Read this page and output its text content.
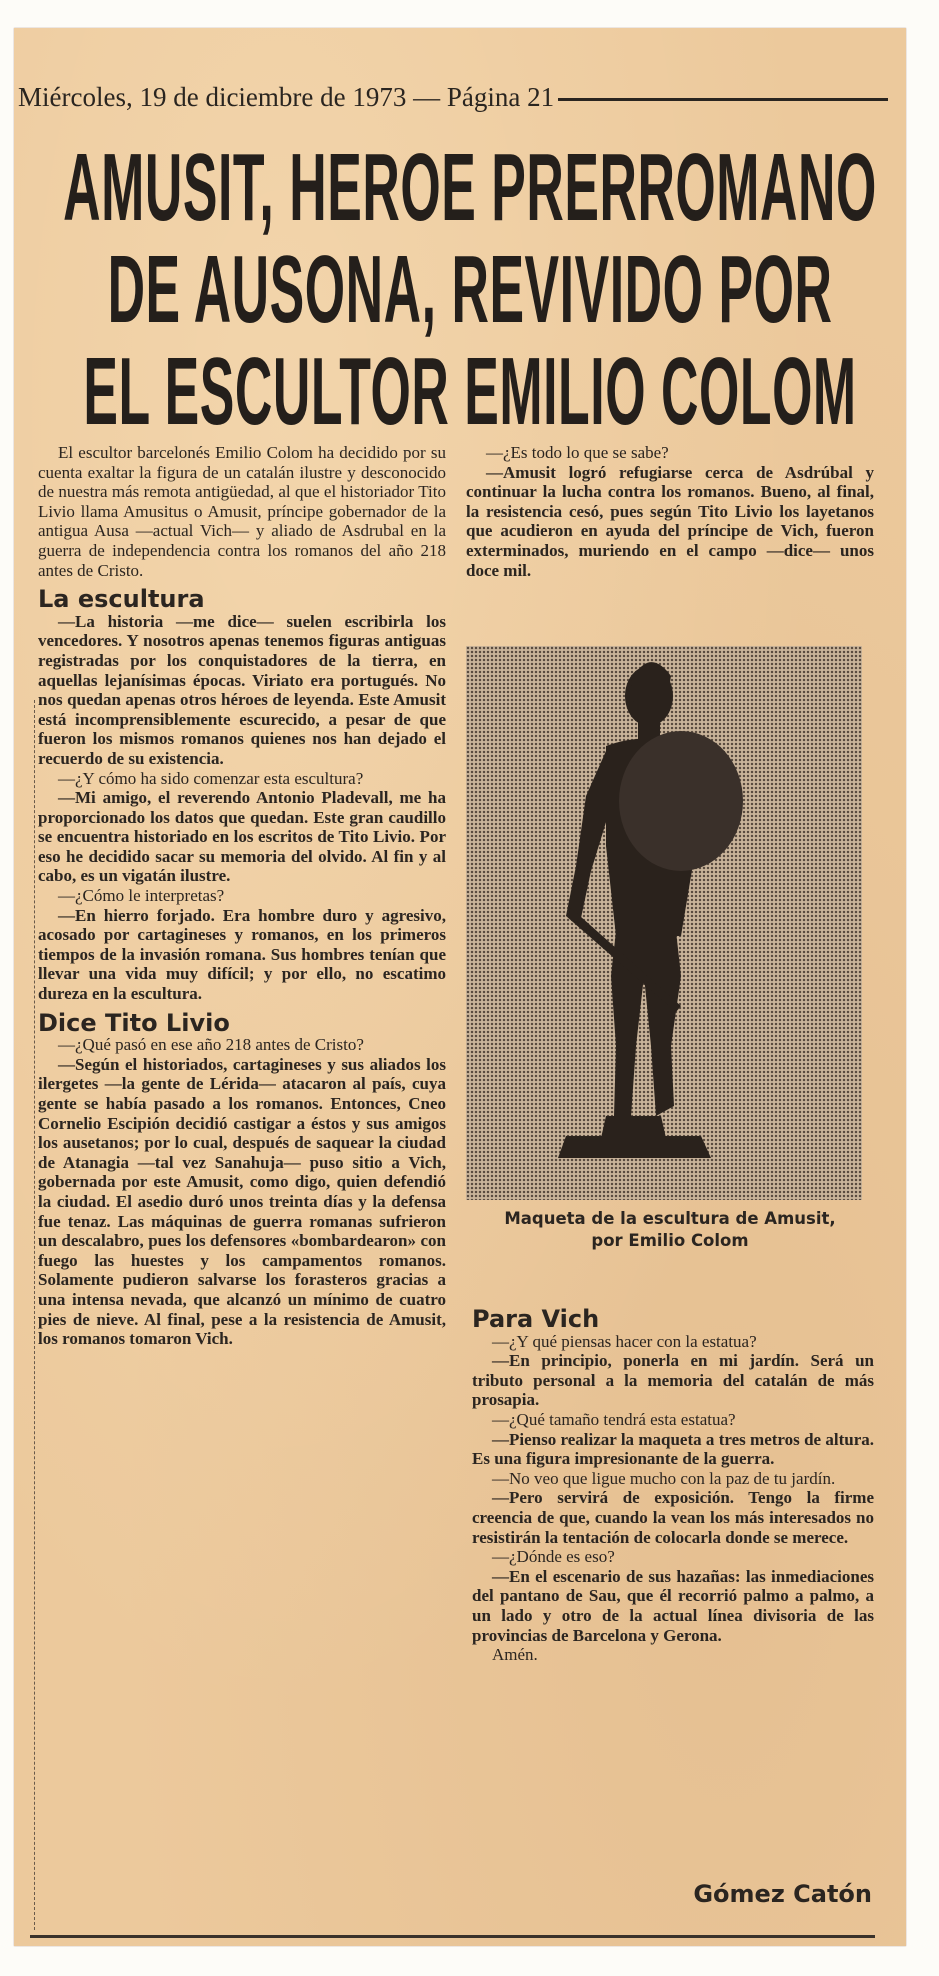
Miércoles, 19 de diciembre de 1973 — Página 21
AMUSIT, HEROE PRERROMANO
DE AUSONA, REVIVIDO POR
EL ESCULTOR EMILIO COLOM

El escultor barcelonés Emilio Colom ha decidido por su cuenta exaltar la figura de un catalán ilustre y desconocido de nuestra más remota antigüedad, al que el historiador Tito Livio llama Amusitus o Amusit, príncipe gobernador de la antigua Ausa —actual Vich— y aliado de Asdrubal en la guerra de independencia contra los romanos del año 218 antes de Cristo.

La escultura

—La historia —me dice— suelen escribirla los vencedores. Y nosotros apenas tenemos figuras antiguas registradas por los conquistadores de la tierra, en aquellas lejanísimas épocas. Viriato era portugués. No nos quedan apenas otros héroes de leyenda. Este Amusit está incomprensiblemente escurecido, a pesar de que fueron los mismos romanos quienes nos han dejado el recuerdo de su existencia.

—¿Y cómo ha sido comenzar esta escultura?

—Mi amigo, el reverendo Antonio Pladevall, me ha proporcionado los datos que quedan. Este gran caudillo se encuentra historiado en los escritos de Tito Livio. Por eso he decidido sacar su memoria del olvido. Al fin y al cabo, es un vigatán ilustre.

—¿Cómo le interpretas?

—En hierro forjado. Era hombre duro y agresivo, acosado por cartagineses y romanos, en los primeros tiempos de la invasión romana. Sus hombres tenían que llevar una vida muy difícil; y por ello, no escatimo dureza en la escultura.

Dice Tito Livio

—¿Qué pasó en ese año 218 antes de Cristo?

—Según el historiados, cartagineses y sus aliados los ilergetes —la gente de Lérida— atacaron al país, cuya gente se había pasado a los romanos. Entonces, Cneo Cornelio Escipión decidió castigar a éstos y sus amigos los ausetanos; por lo cual, después de saquear la ciudad de Atanagia —tal vez Sanahuja— puso sitio a Vich, gobernada por este Amusit, como digo, quien defendió la ciudad. El asedio duró unos treinta días y la defensa fue tenaz. Las máquinas de guerra romanas sufrieron un descalabro, pues los defensores «bombardearon» con fuego las huestes y los campamentos romanos. Solamente pudieron salvarse los forasteros gracias a una intensa nevada, que alcanzó un mínimo de cuatro pies de nieve. Al final, pese a la resistencia de Amusit, los romanos tomaron Vich.

—¿Es todo lo que se sabe?

—Amusit logró refugiarse cerca de Asdrúbal y continuar la lucha contra los romanos. Bueno, al final, la resistencia cesó, pues según Tito Livio los layetanos que acudieron en ayuda del príncipe de Vich, fueron exterminados, muriendo en el campo —dice— unos doce mil.

Maqueta de la escultura de Amusit,
por Emilio Colom
Para Vich

—¿Y qué piensas hacer con la estatua?

—En principio, ponerla en mi jardín. Será un tributo personal a la memoria del catalán de más prosapia.

—¿Qué tamaño tendrá esta estatua?

—Pienso realizar la maqueta a tres metros de altura. Es una figura impresionante de la guerra.

—No veo que ligue mucho con la paz de tu jardín.

—Pero servirá de exposición. Tengo la firme creencia de que, cuando la vean los más interesados no resistirán la tentación de colocarla donde se merece.

—¿Dónde es eso?

—En el escenario de sus hazañas: las inmediaciones del pantano de Sau, que él recorrió palmo a palmo, a un lado y otro de la actual línea divisoria de las provincias de Barcelona y Gerona.

Amén.

Gómez Catón
